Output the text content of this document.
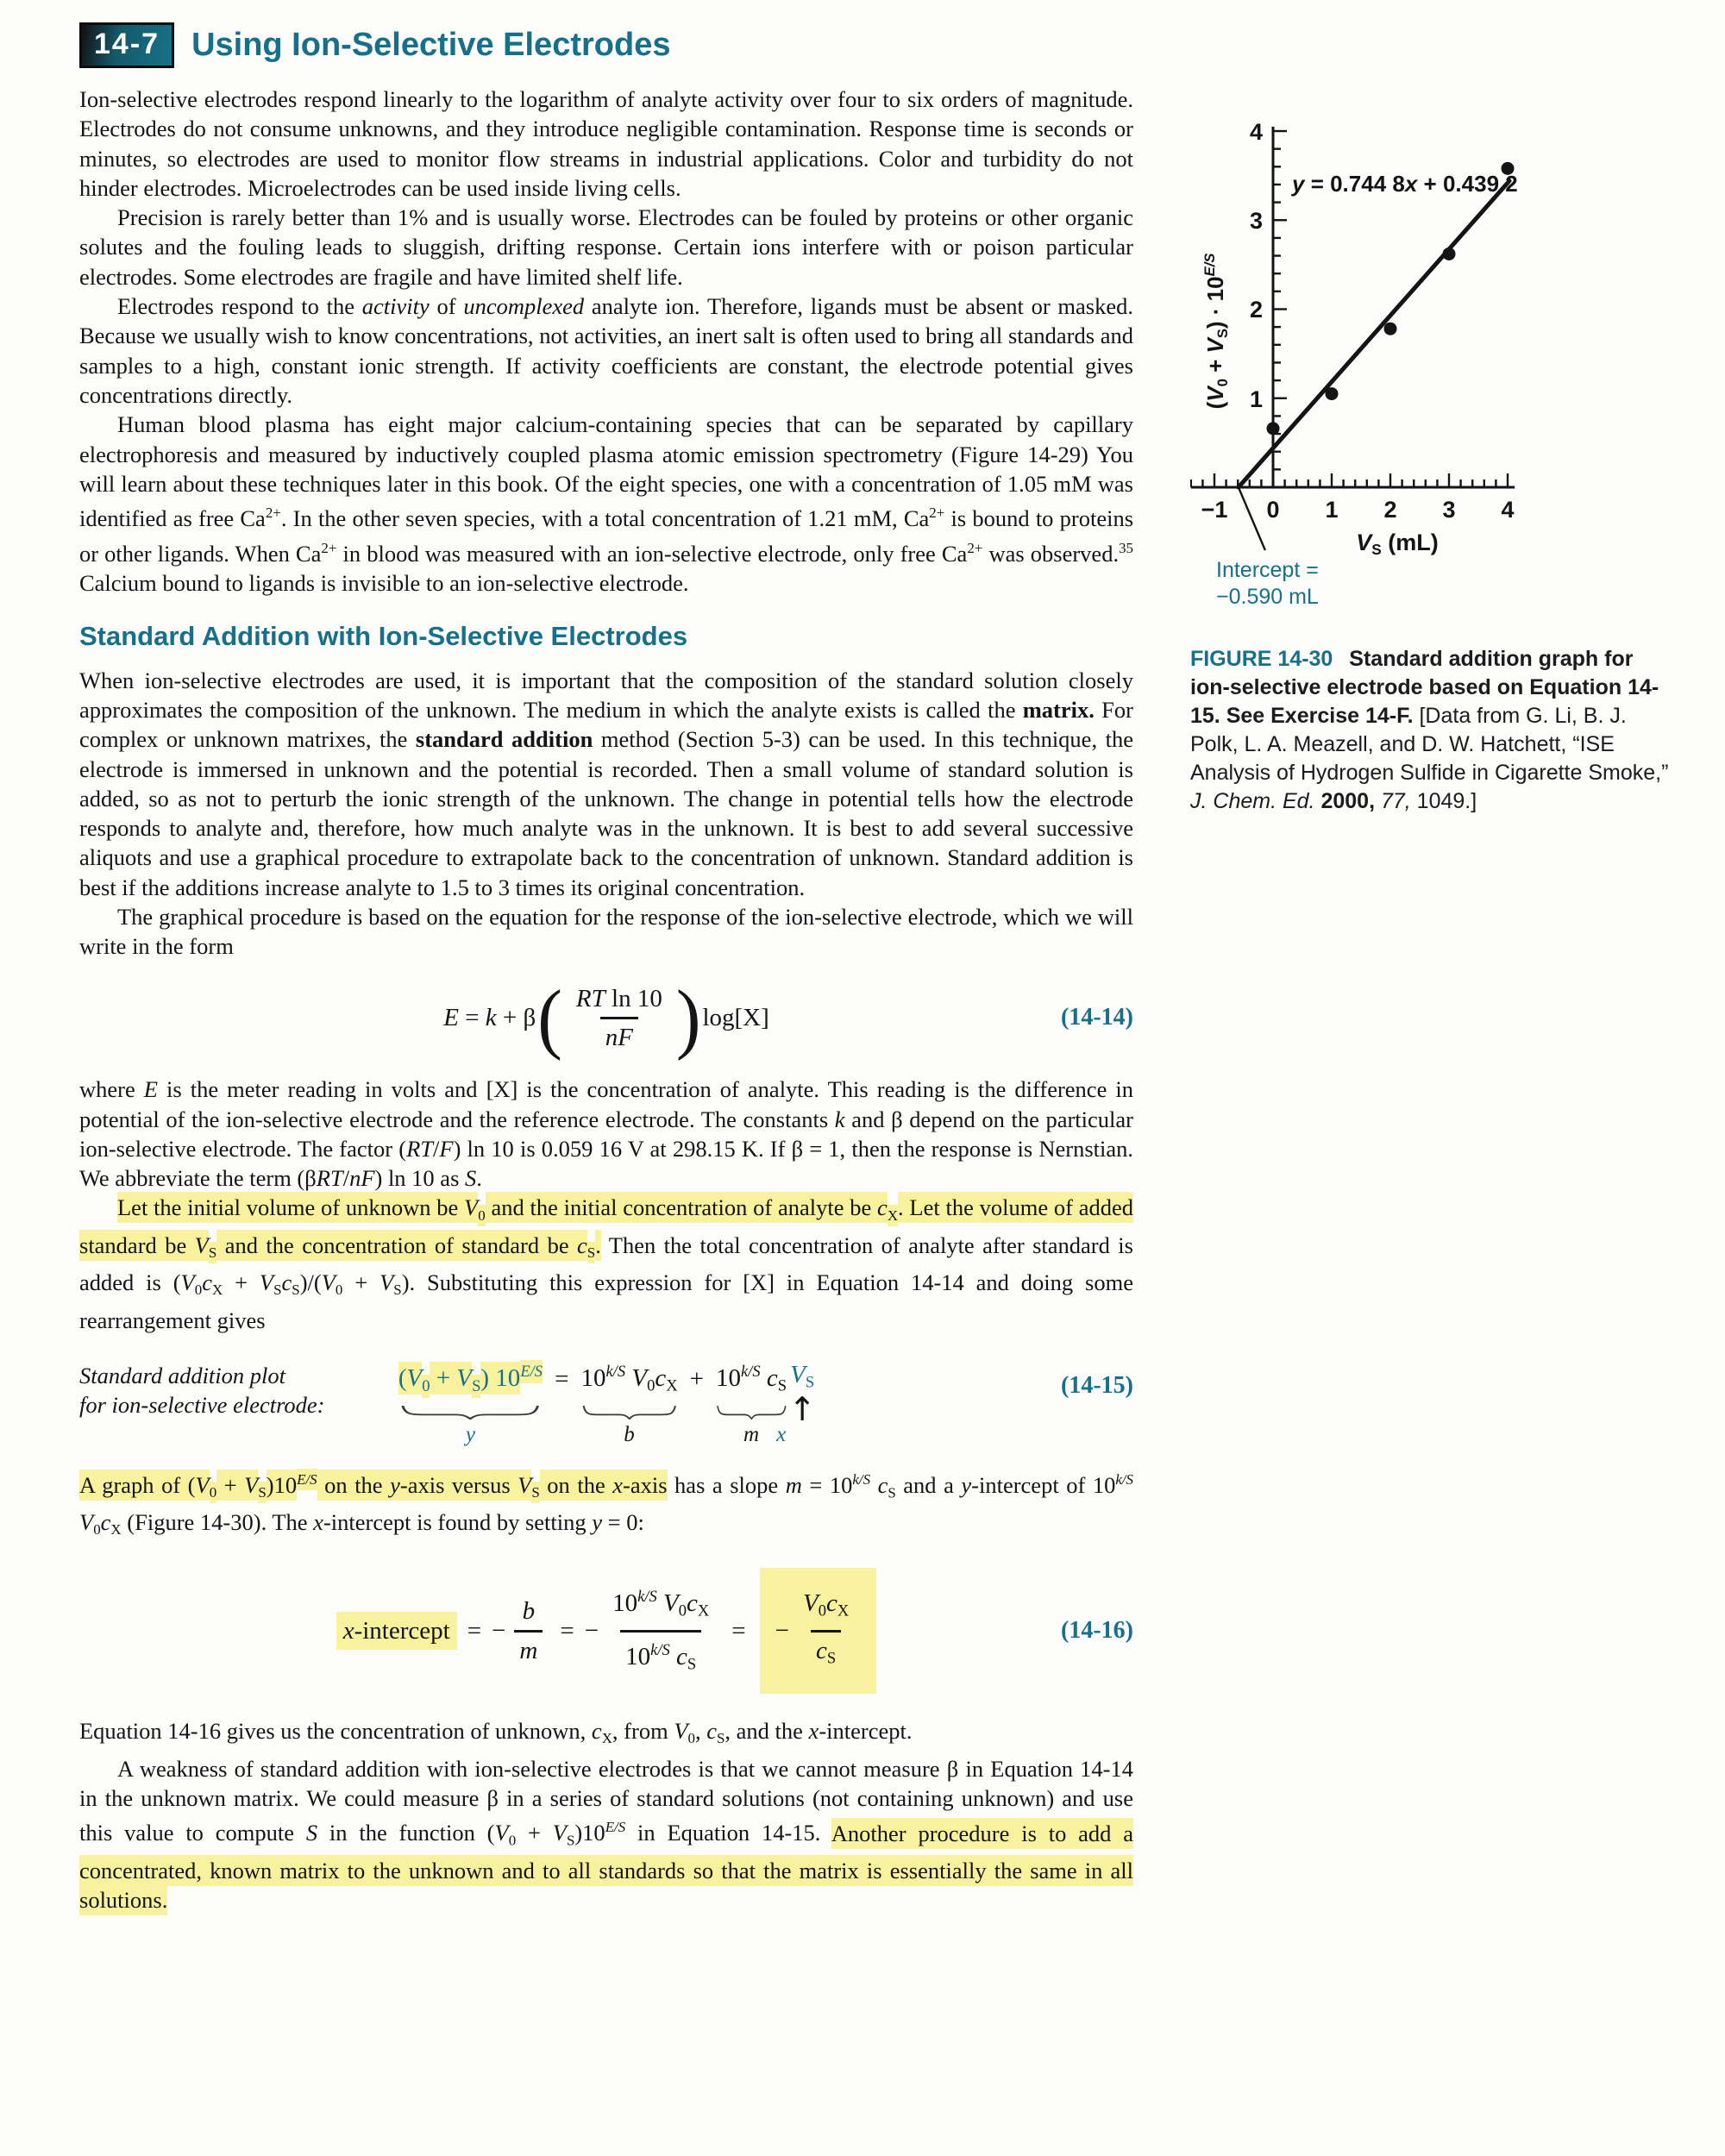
14-7 Using Ion-Selective Electrodes

Ion-selective electrodes respond linearly to the logarithm of analyte activity over four to six orders of magnitude. Electrodes do not consume unknowns, and they introduce negligible contamination. Response time is seconds or minutes, so electrodes are used to monitor flow streams in industrial applications. Color and turbidity do not hinder electrodes. Microelectrodes can be used inside living cells.

Precision is rarely better than 1% and is usually worse. Electrodes can be fouled by proteins or other organic solutes and the fouling leads to sluggish, drifting response. Certain ions interfere with or poison particular electrodes. Some electrodes are fragile and have limited shelf life.

Electrodes respond to the activity of uncomplexed analyte ion. Therefore, ligands must be absent or masked. Because we usually wish to know concentrations, not activities, an inert salt is often used to bring all standards and samples to a high, constant ionic strength. If activity coefficients are constant, the electrode potential gives concentrations directly.

Human blood plasma has eight major calcium-containing species that can be separated by capillary electrophoresis and measured by inductively coupled plasma atomic emission spectrometry (Figure 14-29) You will learn about these techniques later in this book. Of the eight species, one with a concentration of 1.05 mM was identified as free $Ca^{2+}$. In the other seven species, with a total concentration of 1.21 mM, $Ca^{2+}$ is bound to proteins or other ligands. When $Ca^{2+}$ in blood was measured with an ion-selective electrode, only free $Ca^{2+}$ was observed.$^{35}$ Calcium bound to ligands is invisible to an ion-selective electrode.

Standard Addition with Ion-Selective Electrodes

When ion-selective electrodes are used, it is important that the composition of the standard solution closely approximates the composition of the unknown. The medium in which the analyte exists is called the matrix. For complex or unknown matrixes, the standard addition method (Section 5-3) can be used. In this technique, the electrode is immersed in unknown and the potential is recorded. Then a small volume of standard solution is added, so as not to perturb the ionic strength of the unknown. The change in potential tells how the electrode responds to analyte and, therefore, how much analyte was in the unknown. It is best to add several successive aliquots and use a graphical procedure to extrapolate back to the concentration of unknown. Standard addition is best if the additions increase analyte to 1.5 to 3 times its original concentration.

The graphical procedure is based on the equation for the response of the ion-selective electrode, which we will write in the form

E = k + β ( $\frac{\text{RT ln 10}}{nF}$ ) log[X]	(14-14)

where E is the meter reading in volts and [X] is the concentration of analyte. This reading is the difference in potential of the ion-selective electrode and the reference electrode. The constants k and β depend on the particular ion-selective electrode. The factor (RT/F) ln 10 is 0.059 16 V at 298.15 K. If β = 1, then the response is Nernstian. We abbreviate the term (βRT/nF) ln 10 as S.

Let the initial volume of unknown be V0 and the initial concentration of analyte be cX. Let the volume of added standard be VS and the concentration of standard be cS. Then the total concentration of analyte after standard is added is (V0cX + VScS)/(V0 + VS). Substituting this expression for [X] in Equation 14-14 and doing some rearrangement gives

Standard addition plot
for ion-selective electrode:
(V0 + VS) $10^{E/S}$
y
= $10^{k/S}$ V0cX
b
+ $10^{k/S}$ cS
m
VS
↑
x
(14-15)

A graph of $(V0 + VS)10^{E/S}$ on the y-axis versus VS on the x-axis has a slope $m = 10^{k/S}$ cS and a y-intercept of $10^{k/S}$ V0cX (Figure 14-30). The x-intercept is found by setting y = 0:

x-intercept = − $\frac{b}{m}$ = − $\frac{10^{k/S} V0cX}{10^{k/S} cS}$ = − $\frac{V0cX}{cS}$	(14-16)

Equation 14-16 gives us the concentration of unknown, cX, from V0, cS, and the x-intercept.

A weakness of standard addition with ion-selective electrodes is that we cannot measure β in Equation 14-14 in the unknown matrix. We could measure β in a series of standard solutions (not containing unknown) and use this value to compute S in the function $(V0 + VS)10^{E/S}$ in Equation 14-15. Another procedure is to add a concentrated, known matrix to the unknown and to all standards so that the matrix is essentially the same in all solutions.

y = 0.744 8x + 0.439 2
4
3
2
1
−1	0	1	2	3	4
$(V0 + VS) \cdot 10^{E/S}$
VS (mL)
Intercept =
−0.590 mL
FIGURE 14-30 Standard addition graph for ion-selective electrode based on Equation 14-15. See Exercise 14-F. [Data from G. Li, B. J. Polk, L. A. Meazell, and D. W. Hatchett, “ISE Analysis of Hydrogen Sulfide in Cigarette Smoke,” J. Chem. Ed. 2000, 77, 1049.]
